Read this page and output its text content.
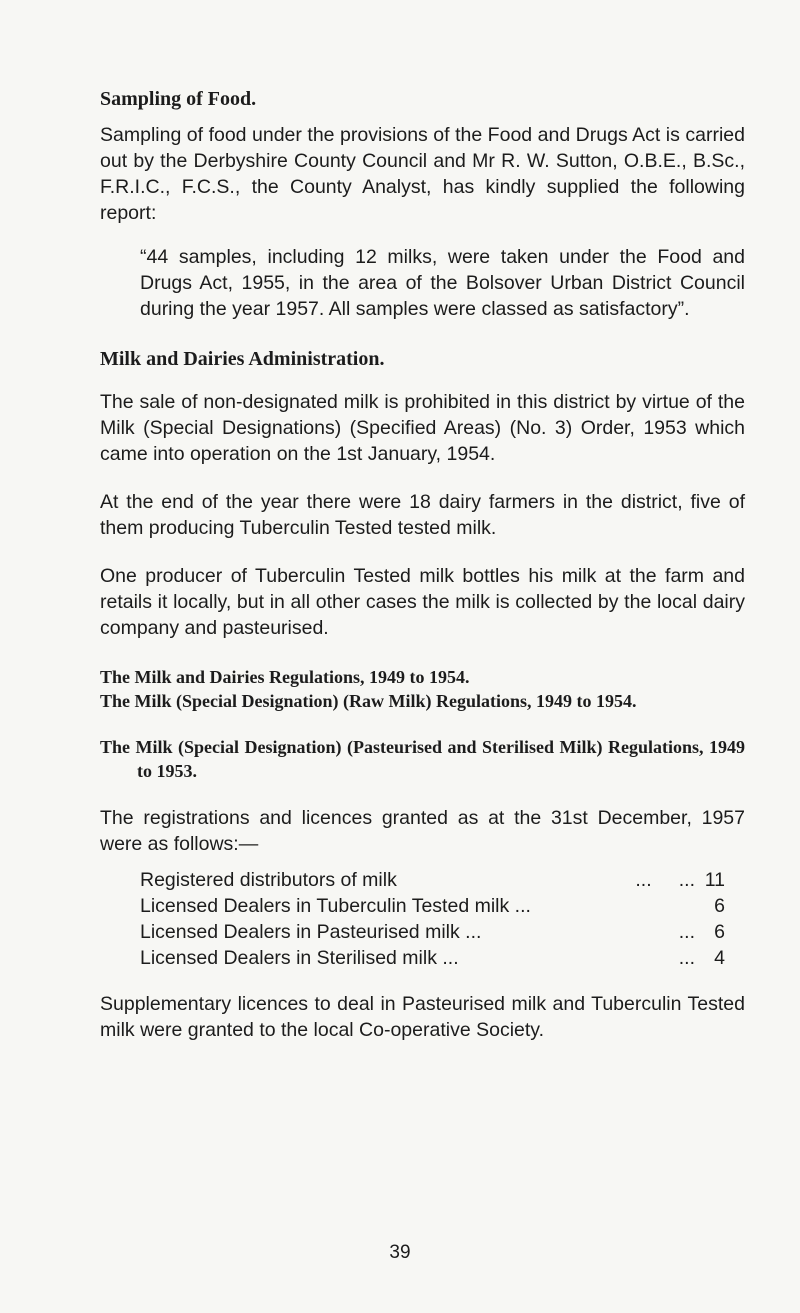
Sampling of Food.

Sampling of food under the provisions of the Food and Drugs Act is carried out by the Derbyshire County Council and Mr R. W. Sutton, O.B.E., B.Sc., F.R.I.C., F.C.S., the County Analyst, has kindly supplied the following report:

“44 samples, including 12 milks, were taken under the Food and Drugs Act, 1955, in the area of the Bolsover Urban District Council during the year 1957. All samples were classed as satisfactory”.

Milk and Dairies Administration.

The sale of non-designated milk is prohibited in this district by virtue of the Milk (Special Designations) (Specified Areas) (No. 3) Order, 1953 which came into operation on the 1st January, 1954.

At the end of the year there were 18 dairy farmers in the district, five of them producing Tuberculin Tested tested milk.

One producer of Tuberculin Tested milk bottles his milk at the farm and retails it locally, but in all other cases the milk is collected by the local dairy company and pasteurised.

The Milk and Dairies Regulations, 1949 to 1954.

The Milk (Special Designation) (Raw Milk) Regulations, 1949 to 1954.

The Milk (Special Designation) (Pasteurised and Sterilised Milk) Regulations, 1949 to 1953.

The registrations and licences granted as at the 31st December, 1957 were as follows:—

Registered distributors of milk	...     ...	11
Licensed Dealers in Tuberculin Tested milk ...		6
Licensed Dealers in Pasteurised milk ...	...	6
Licensed Dealers in Sterilised milk ...	...	4

Supplementary licences to deal in Pasteurised milk and Tuberculin Tested milk were granted to the local Co-operative Society.

39
